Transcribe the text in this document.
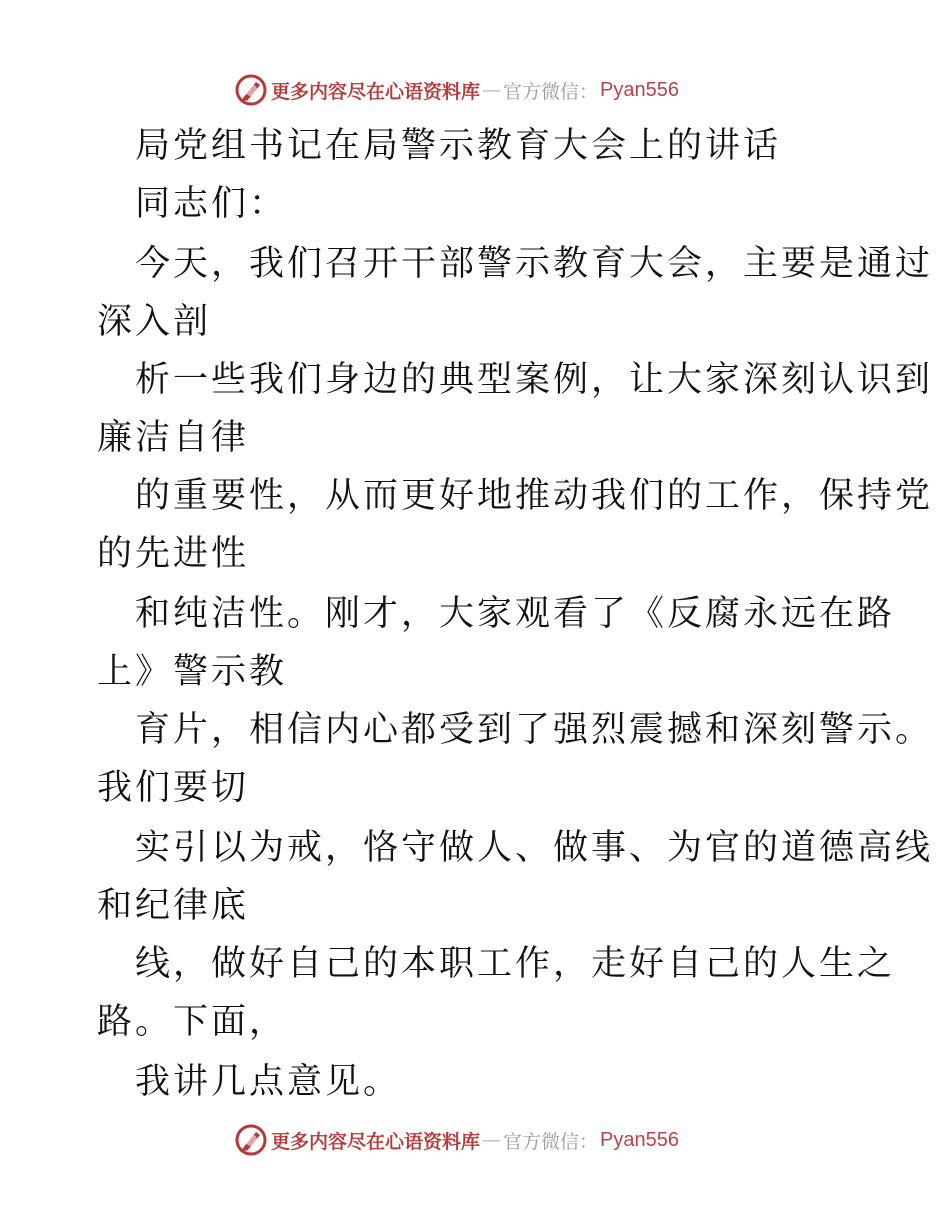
更多内容尽在心语资料库 — 官方微信： Pyan556
局党组书记在局警示教育大会上的讲话
同志们：
今天，我们召开干部警示教育大会，主要是通过
深入剖
析一些我们身边的典型案例，让大家深刻认识到
廉洁自律
的重要性，从而更好地推动我们的工作，保持党
的先进性
和纯洁性。刚才，大家观看了《反腐永远在路
上》警示教
育片，相信内心都受到了强烈震撼和深刻警示。
我们要切
实引以为戒，恪守做人、做事、为官的道德高线
和纪律底
线，做好自己的本职工作，走好自己的人生之
路。下面，
我讲几点意见。
更多内容尽在心语资料库 — 官方微信： Pyan556
